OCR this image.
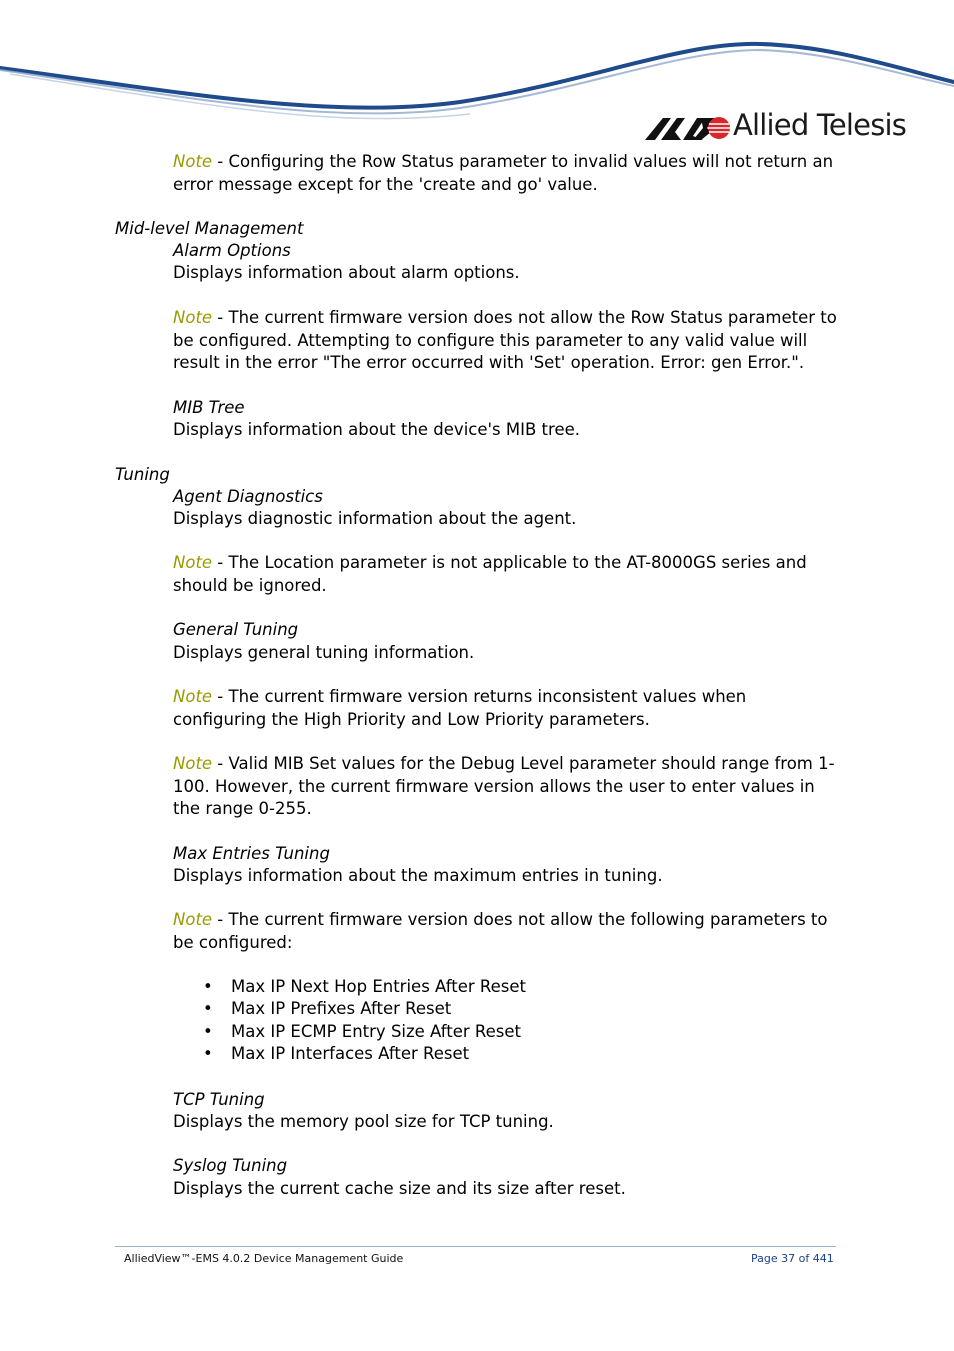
Allied Telesis
Note - Configuring the Row Status parameter to invalid values will not return an error message except for the 'create and go' value.
Mid-level Management
Alarm Options
Displays information about alarm options.
Note - The current firmware version does not allow the Row Status parameter to be configured. Attempting to configure this parameter to any valid value will result in the error "The error occurred with 'Set' operation. Error: gen Error.".
MIB Tree
Displays information about the device's MIB tree.
Tuning
Agent Diagnostics
Displays diagnostic information about the agent.
Note - The Location parameter is not applicable to the AT-8000GS series and should be ignored.
General Tuning
Displays general tuning information.
Note - The current firmware version returns inconsistent values when configuring the High Priority and Low Priority parameters.
Note - Valid MIB Set values for the Debug Level parameter should range from 1-100. However, the current firmware version allows the user to enter values in the range 0-255.
Max Entries Tuning
Displays information about the maximum entries in tuning.
Note - The current firmware version does not allow the following parameters to be configured:
• Max IP Next Hop Entries After Reset
• Max IP Prefixes After Reset
• Max IP ECMP Entry Size After Reset
• Max IP Interfaces After Reset
TCP Tuning
Displays the memory pool size for TCP tuning.
Syslog Tuning
Displays the current cache size and its size after reset.
AlliedView™-EMS 4.0.2 Device Management Guide	Page 37 of 441
